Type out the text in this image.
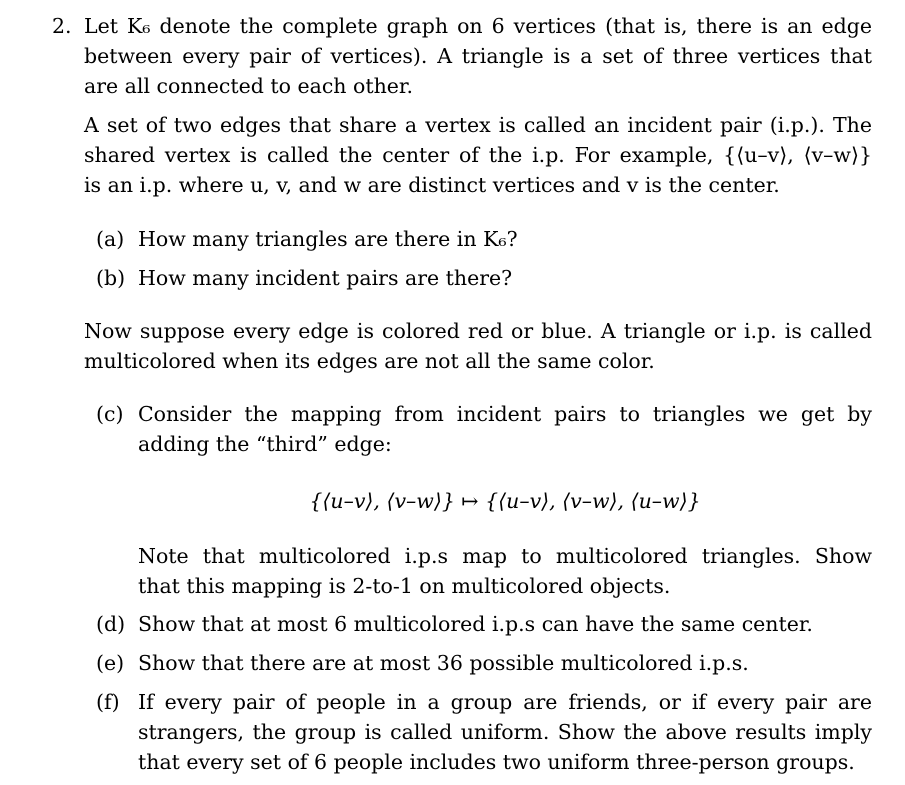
2. Let K₆ denote the complete graph on 6 vertices (that is, there is an edge
between every pair of vertices). A triangle is a set of three vertices that
are all connected to each other.
A set of two edges that share a vertex is called an incident pair (i.p.). The
shared vertex is called the center of the i.p. For example, {⟨u–v⟩, ⟨v–w⟩}
is an i.p. where u, v, and w are distinct vertices and v is the center.
(a) How many triangles are there in K₆?
(b) How many incident pairs are there?
Now suppose every edge is colored red or blue. A triangle or i.p. is called
multicolored when its edges are not all the same color.
(c) Consider the mapping from incident pairs to triangles we get by
adding the “third” edge:
{⟨u–v⟩, ⟨v–w⟩} ↦ {⟨u–v⟩, ⟨v–w⟩, ⟨u–w⟩}
Note that multicolored i.p.s map to multicolored triangles. Show
that this mapping is 2-to-1 on multicolored objects.
(d) Show that at most 6 multicolored i.p.s can have the same center.
(e) Show that there are at most 36 possible multicolored i.p.s.
(f) If every pair of people in a group are friends, or if every pair are
strangers, the group is called uniform. Show the above results imply
that every set of 6 people includes two uniform three-person groups.
